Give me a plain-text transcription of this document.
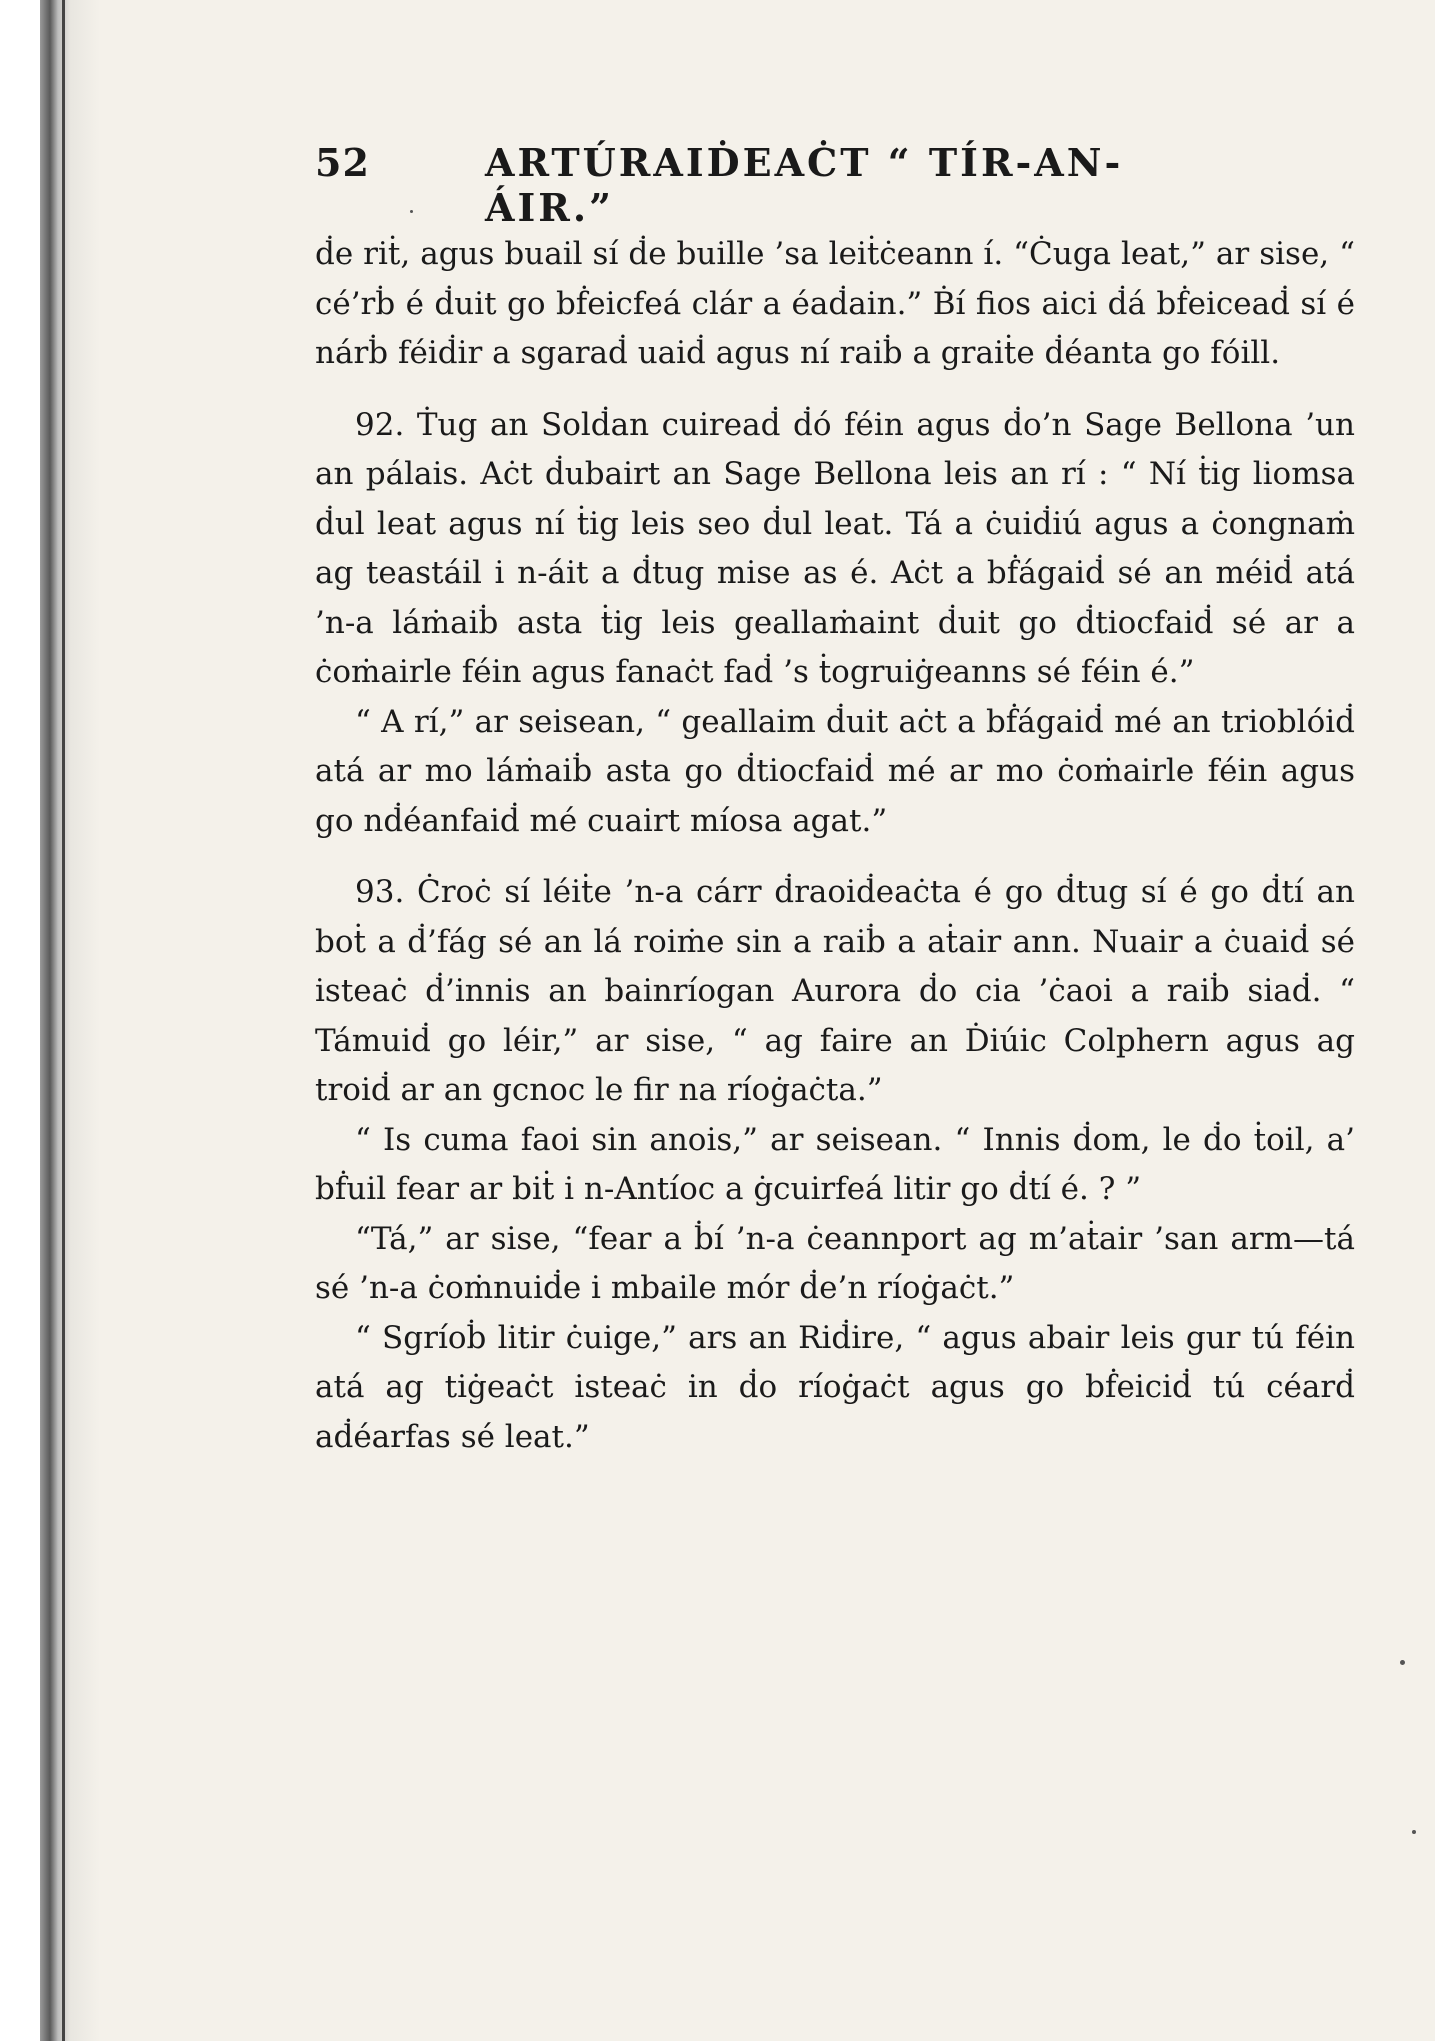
52	ARTÚRAIḊEAĊT “ TÍR-AN-ÁIR.”

ḋe riṫ, agus buail sí ḋe buille ’sa leiṫċeann í. “Ċuga leat,” ar sise, “ cé’rḃ é ḋuit go bḟeicfeá clár a éaḋain.” Ḃí fios aici ḋá bḟeiceaḋ sí é nárḃ féiḋir a sgaraḋ uaiḋ agus ní raiḃ a graiṫe ḋéanta go fóill.

92. Ṫug an Solḋan cuireaḋ ḋó féin agus ḋo’n Sage Bellona ’un an pálais. Aċt ḋubairt an Sage Bellona leis an rí : “ Ní ṫig liomsa ḋul leat agus ní ṫig leis seo ḋul leat. Tá a ċuiḋiú agus a ċongnaṁ ag teastáil i n-áit a ḋtug mise as é. Aċt a bḟágaiḋ sé an méiḋ atá ’n-a láṁaiḃ asta ṫig leis geallaṁaint ḋuit go ḋtiocfaiḋ sé ar a ċoṁairle féin agus fanaċt faḋ ’s ṫogruiġeanns sé féin é.”

“ A rí,” ar seisean, “ geallaim ḋuit aċt a bḟágaiḋ mé an trioblóiḋ atá ar mo láṁaiḃ asta go ḋtiocfaiḋ mé ar mo ċoṁairle féin agus go nḋéanfaiḋ mé cuairt míosa agat.”

93. Ċroċ sí léiṫe ’n-a cárr ḋraoiḋeaċta é go ḋtug sí é go ḋtí an boṫ a ḋ’fág sé an lá roiṁe sin a raiḃ a aṫair ann. Nuair a ċuaiḋ sé isteaċ ḋ’innis an bainríogan Aurora ḋo cia ’ċaoi a raiḃ siaḋ. “ Támuiḋ go léir,” ar sise, “ ag faire an Ḋiúic Colphern agus ag troiḋ ar an gcnoc le fir na ríoġaċta.”

“ Is cuma faoi sin anois,” ar seisean. “ Innis ḋom, le ḋo ṫoil, a’ bḟuil fear ar biṫ i n-Antíoc a ġcuirfeá litir go ḋtí é. ? ”

“Tá,” ar sise, “fear a ḃí ’n-a ċeannport ag m’aṫair ’san arm—tá sé ’n-a ċoṁnuiḋe i mbaile mór ḋe’n ríoġaċt.”

“ Sgríoḃ litir ċuige,” ars an Riḋire, “ agus abair leis gur tú féin atá ag tiġeaċt isteaċ in ḋo ríoġaċt agus go bḟeiciḋ tú céarḋ aḋéarfas sé leat.”
